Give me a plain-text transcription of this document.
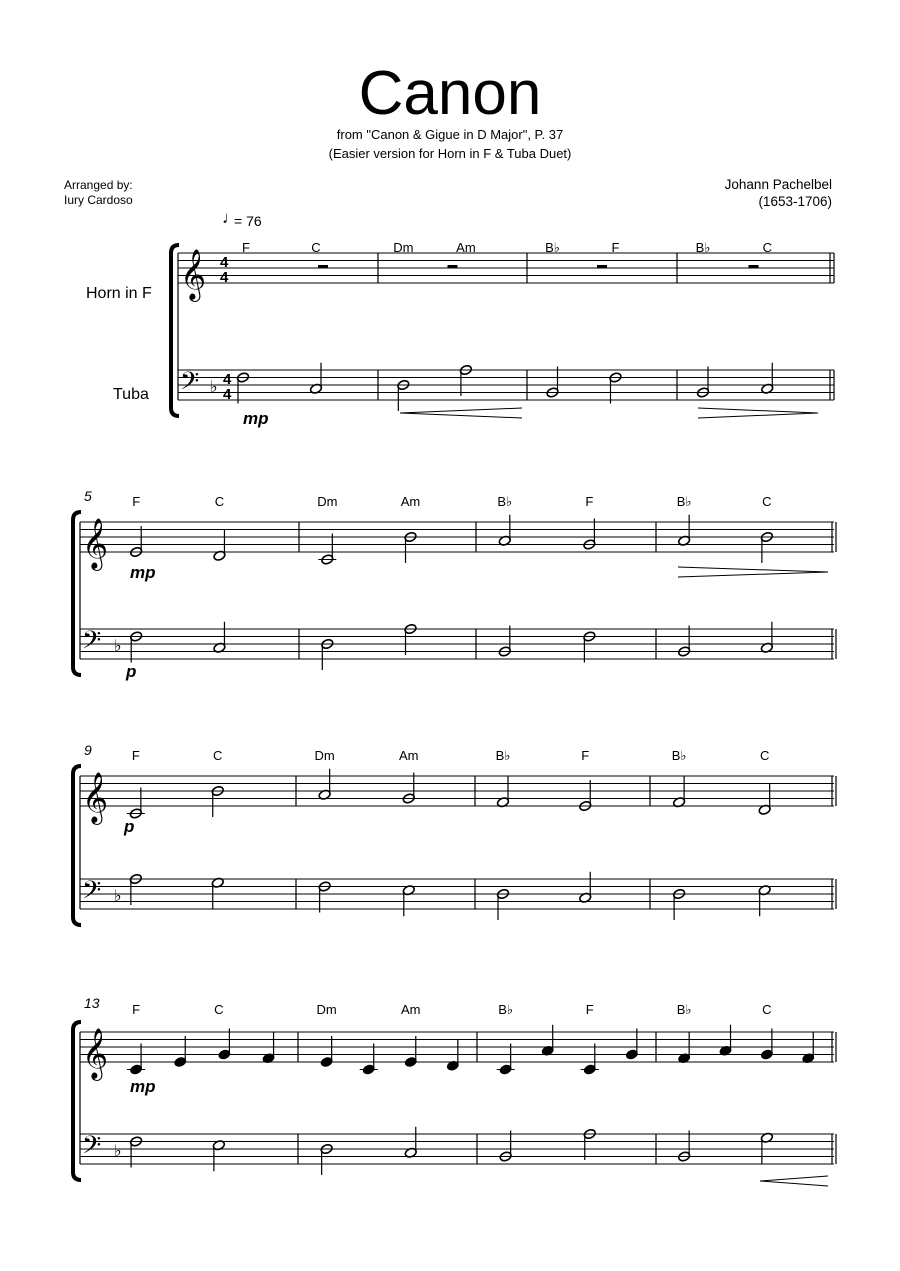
Canon
from "Canon & Gigue in D Major", P. 37
(Easier version for Horn in F & Tuba Duet)
Arranged by:
Iury Cardoso
Johann Pachelbel
(1653-1706)
♩
= 76
Horn in F
Tuba
𝄞
𝄢 ♭
4
4
4
4
F	C	Dm	Am	B♭	F	B♭	C
mp
𝄞
𝄢 ♭
5	F	C	Dm	Am	B♭	F	B♭	C
mp
p
𝄞
𝄢 ♭
9	F	C	Dm	Am	B♭	F	B♭	C
p
𝄞
𝄢 ♭
13	F	C	Dm	Am	B♭	F	B♭	C
mp
